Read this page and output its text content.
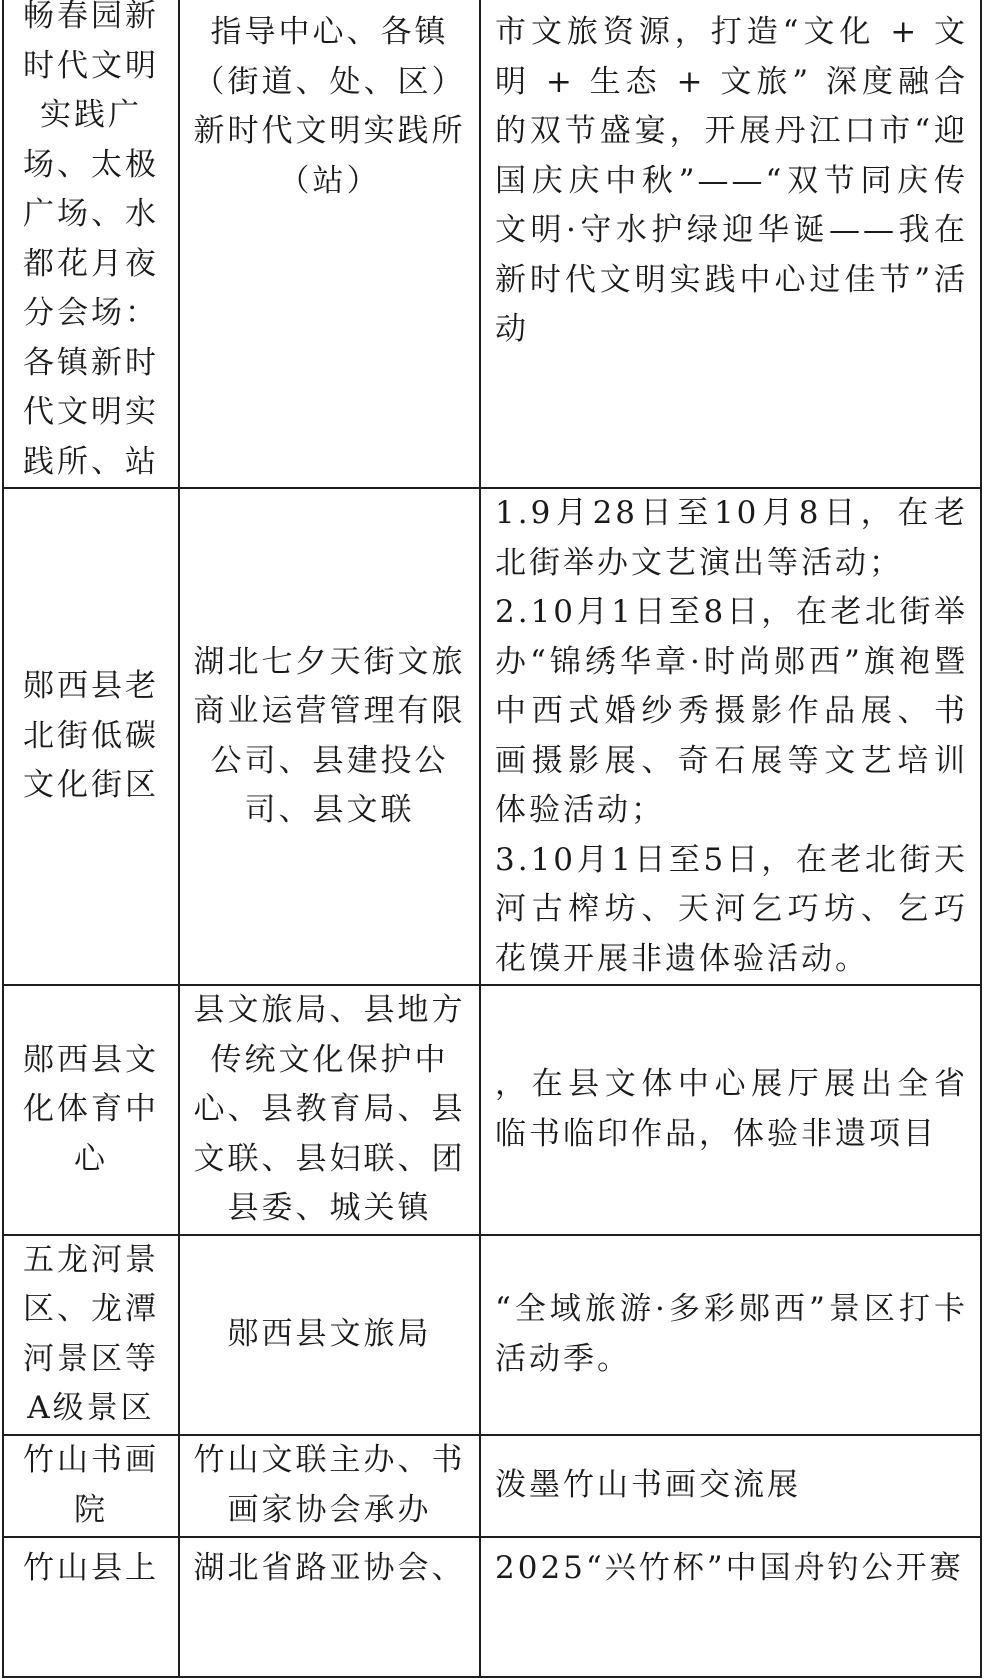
畅春园新时代文明实践广场、太极广场、水都花月夜分会场：各镇新时代文明实践所、站	指导中心、各镇（街道、处、区）新时代文明实践所（站）	市文旅资源，打造“文化 + 文明 + 生态 + 文旅” 深度融合的双节盛宴，开展丹江口市“迎国庆庆中秋”——“双节同庆传文明·守水护绿迎华诞——我在新时代文明实践中心过佳节”活动

郧西县老北街低碳文化街区	湖北七夕天街文旅商业运营管理有限公司、县建投公司、县文联	1.9月28日至10月8日，在老北街举办文艺演出等活动；

2.10月1日至8日，在老北街举办“锦绣华章·时尚郧西”旗袍暨中西式婚纱秀摄影作品展、书画摄影展、奇石展等文艺培训体验活动；

3.10月1日至5日，在老北街天河古榨坊、天河乞巧坊、乞巧花馍开展非遗体验活动。

郧西县文化体育中心	县文旅局、县地方传统文化保护中心、县教育局、县文联、县妇联、团县委、城关镇	，在县文体中心展厅展出全省临书临印作品，体验非遗项目

五龙河景区、龙潭河景区等A级景区	郧西县文旅局	“全域旅游·多彩郧西”景区打卡活动季。

竹山书画院	竹山文联主办、书画家协会承办	泼墨竹山书画交流展

竹山县上	湖北省路亚协会、	2025“兴竹杯”中国舟钓公开赛
